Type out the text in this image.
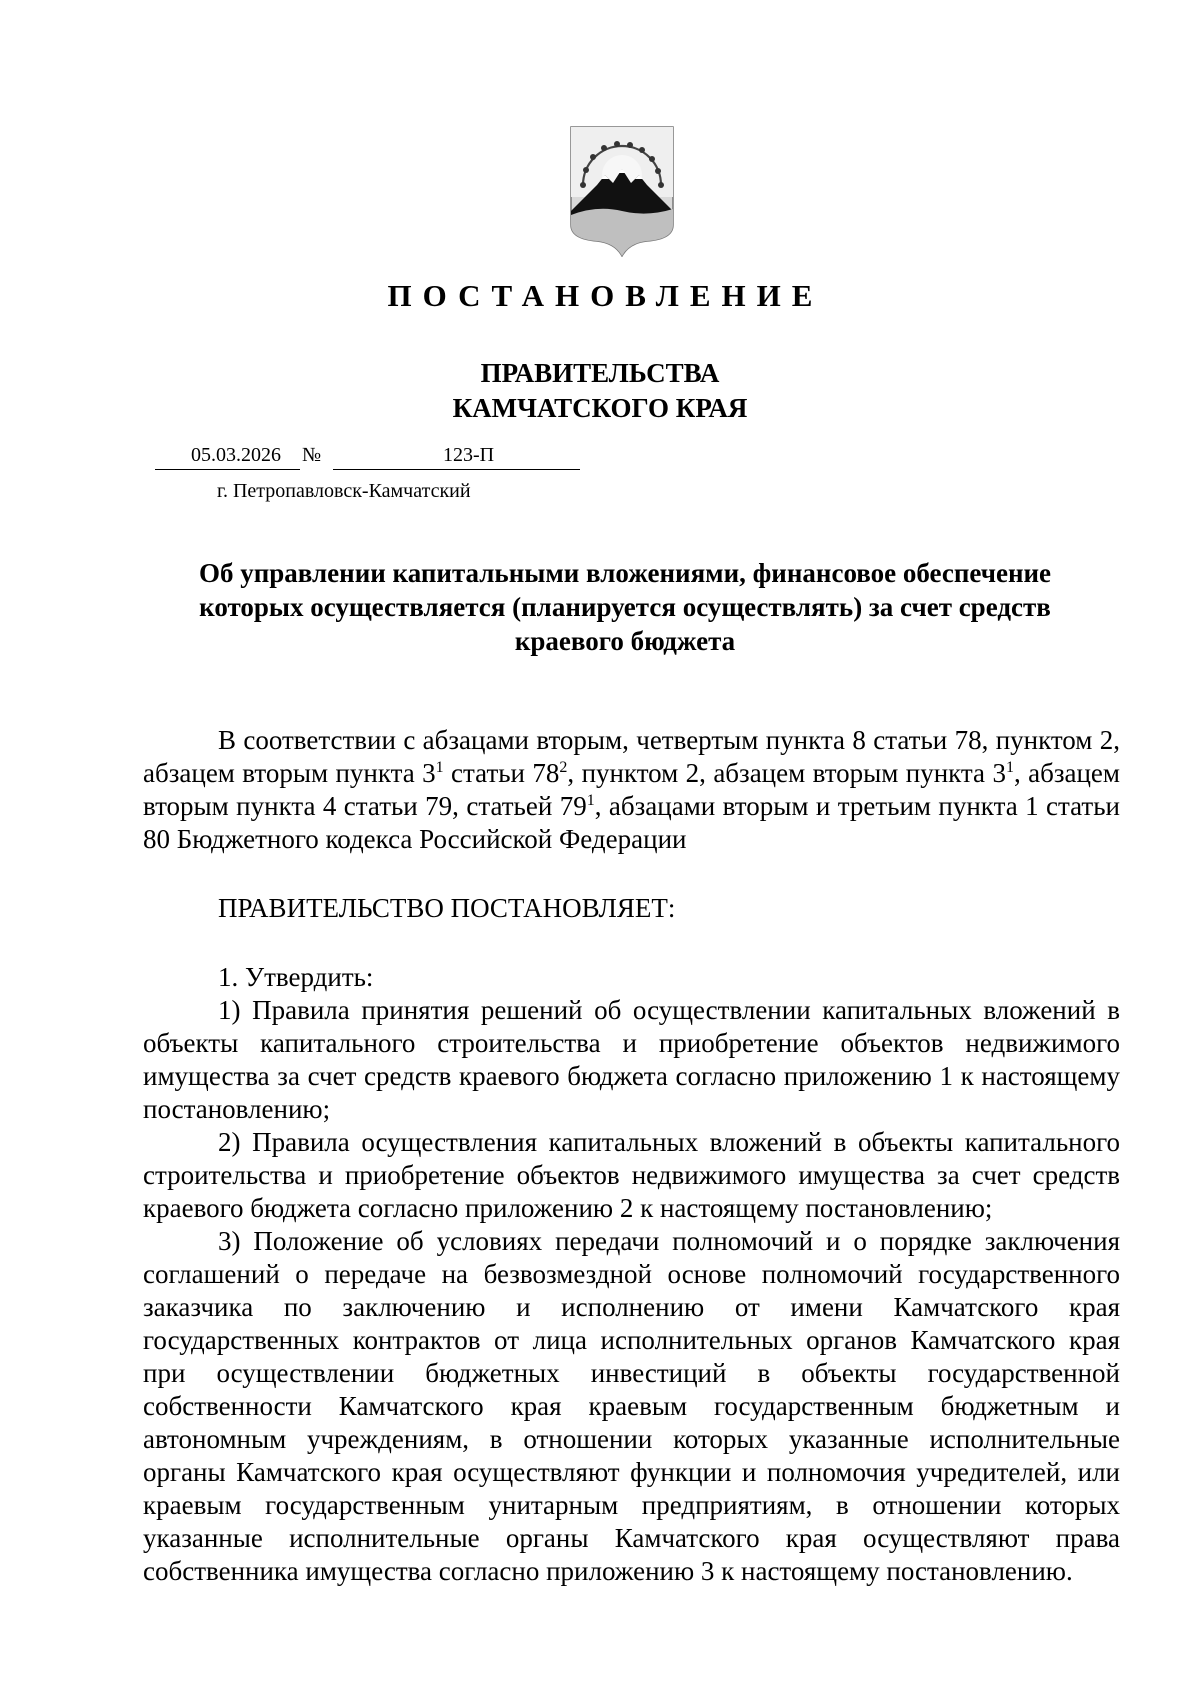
ПОСТАНОВЛЕНИЕ
ПРАВИТЕЛЬСТВА
КАМЧАТСКОГО КРАЯ
05.03.2026 №	123-П
г. Петропавловск-Камчатский
Об управлении капитальными вложениями, финансовое обеспечение которых осуществляется (планируется осуществлять) за счет средств краевого бюджета

В соответствии с абзацами вторым, четвертым пункта 8 статьи 78, пунктом 2, абзацем вторым пункта $3^1$ статьи $78^2$, пунктом 2, абзацем вторым пункта $3^1$, абзацем вторым пункта 4 статьи 79, статьей $79^1$, абзацами вторым и третьим пункта 1 статьи 80 Бюджетного кодекса Российской Федерации

ПРАВИТЕЛЬСТВО ПОСТАНОВЛЯЕТ:

1. Утвердить:

1) Правила принятия решений об осуществлении капитальных вложений в объекты капитального строительства и приобретение объектов недвижимого имущества за счет средств краевого бюджета согласно приложению 1 к настоящему постановлению;

2) Правила осуществления капитальных вложений в объекты капитального строительства и приобретение объектов недвижимого имущества за счет средств краевого бюджета согласно приложению 2 к настоящему постановлению;

3) Положение об условиях передачи полномочий и о порядке заключения соглашений о передаче на безвозмездной основе полномочий государственного заказчика по заключению и исполнению от имени Камчатского края государственных контрактов от лица исполнительных органов Камчатского края при осуществлении бюджетных инвестиций в объекты государственной собственности Камчатского края краевым государственным бюджетным и автономным учреждениям, в отношении которых указанные исполнительные органы Камчатского края осуществляют функции и полномочия учредителей, или краевым государственным унитарным предприятиям, в отношении которых указанные исполнительные органы Камчатского края осуществляют права собственника имущества согласно приложению 3 к настоящему постановлению.
